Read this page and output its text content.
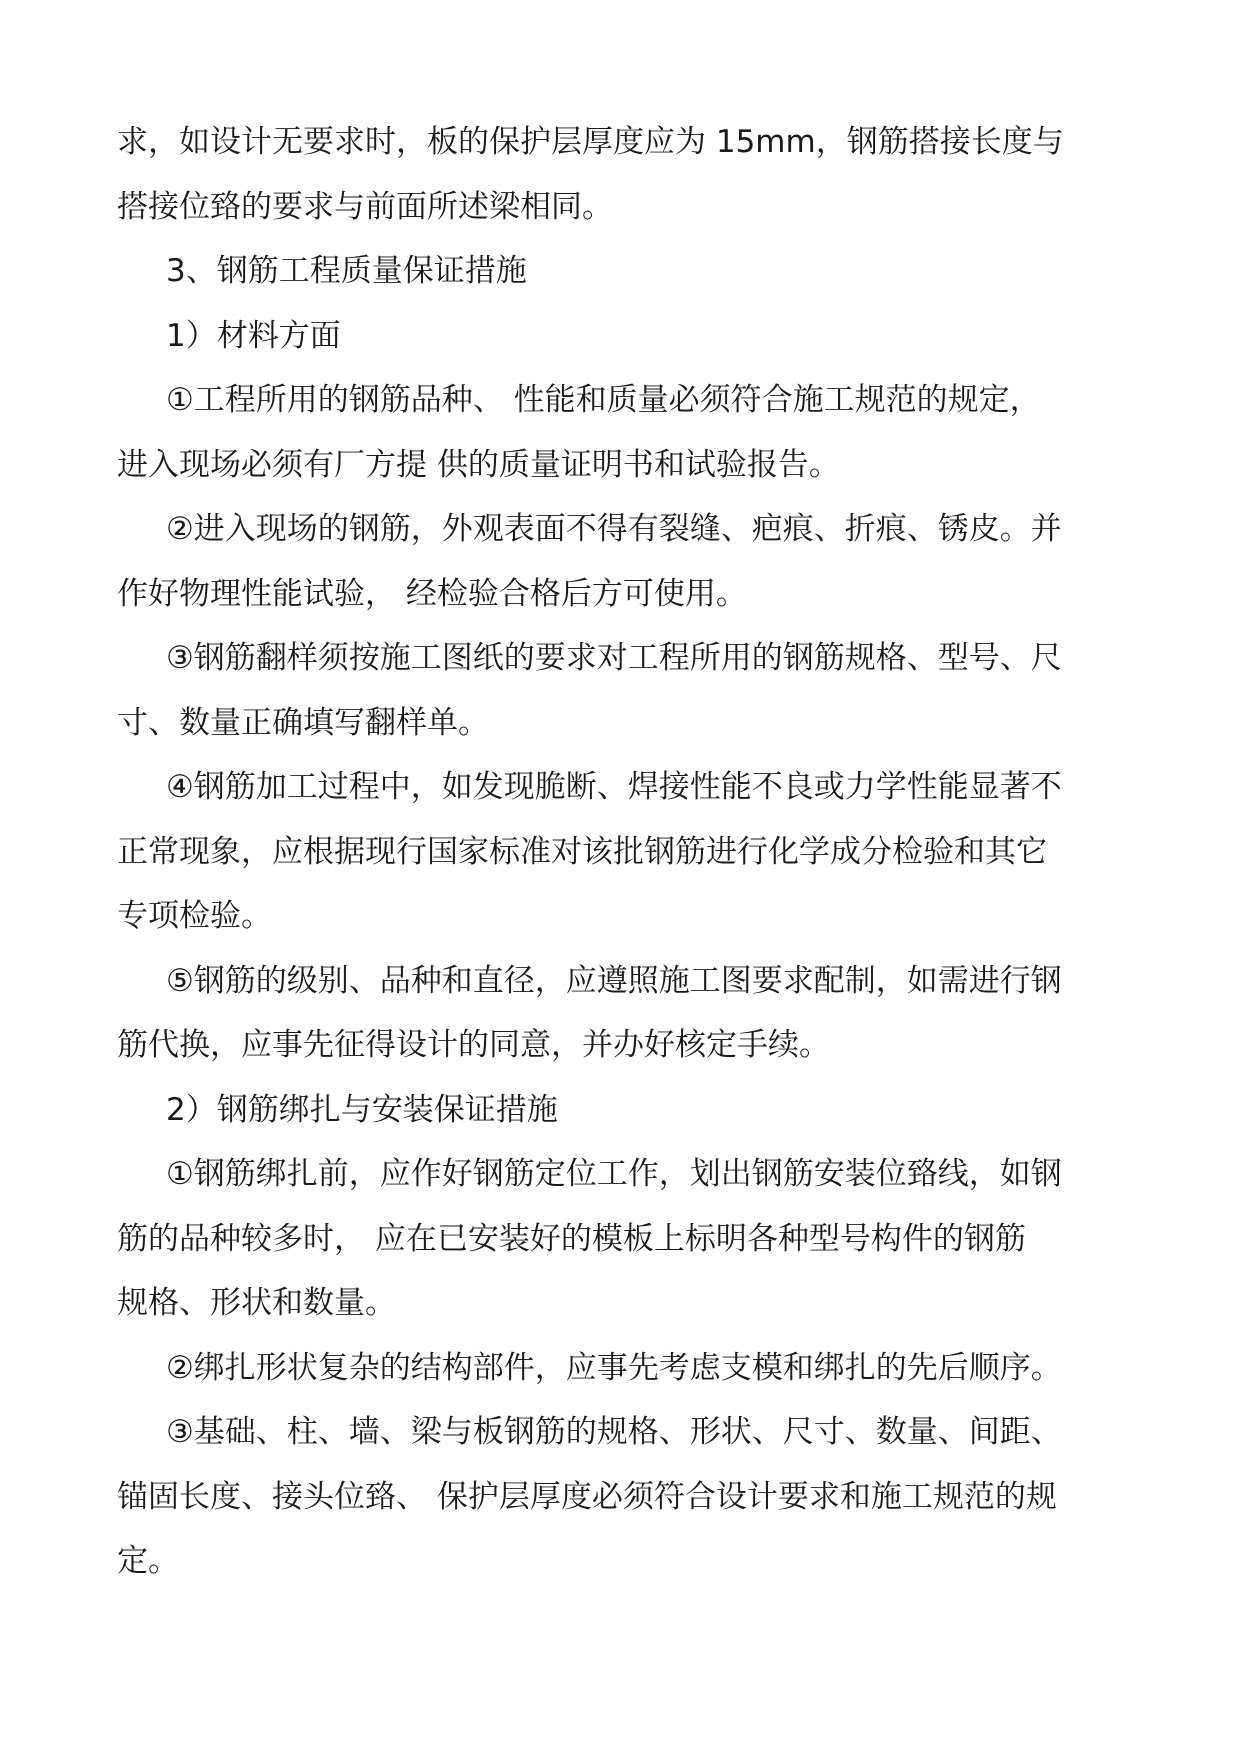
求，如设计无要求时，板的保护层厚度应为 15mm，钢筋搭接长度与

搭接位臵的要求与前面所述梁相同。

3、钢筋工程质量保证措施

1）材料方面

①工程所用的钢筋品种、 性能和质量必须符合施工规范的规定，

进入现场必须有厂方提 供的质量证明书和试验报告。

②进入现场的钢筋，外观表面不得有裂缝、疤痕、折痕、锈皮。并

作好物理性能试验， 经检验合格后方可使用。

③钢筋翻样须按施工图纸的要求对工程所用的钢筋规格、型号、尺

寸、数量正确填写翻样单。

④钢筋加工过程中，如发现脆断、焊接性能不良或力学性能显著不

正常现象，应根据现行国家标准对该批钢筋进行化学成分检验和其它

专项检验。

⑤钢筋的级别、品种和直径，应遵照施工图要求配制，如需进行钢

筋代换，应事先征得设计的同意，并办好核定手续。

2）钢筋绑扎与安装保证措施

①钢筋绑扎前，应作好钢筋定位工作，划出钢筋安装位臵线，如钢

筋的品种较多时， 应在已安装好的模板上标明各种型号构件的钢筋

规格、形状和数量。

②绑扎形状复杂的结构部件，应事先考虑支模和绑扎的先后顺序。

③基础、柱、墙、梁与板钢筋的规格、形状、尺寸、数量、间距、

锚固长度、接头位臵、 保护层厚度必须符合设计要求和施工规范的规

定。
